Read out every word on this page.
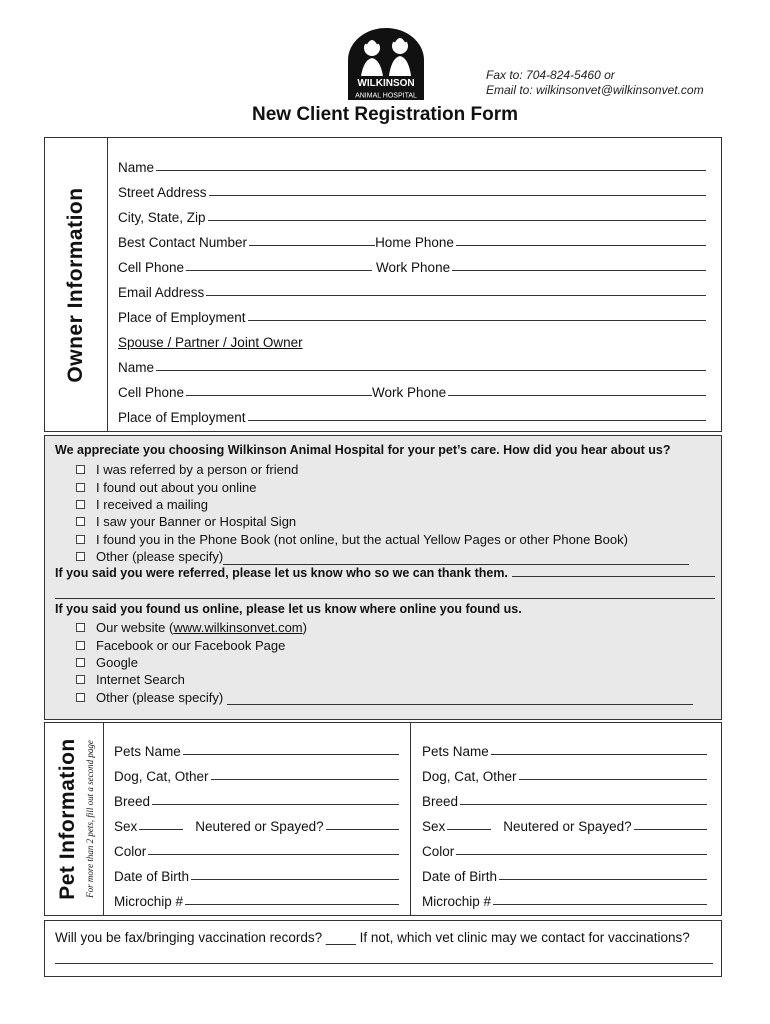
WILKINSON
ANIMAL HOSPITAL
Fax to: 704-824-5460 or
Email to: wilkinsonvet@wilkinsonvet.com
New Client Registration Form
Owner Information
Name
Street Address
City, State, Zip
Best Contact Number	Home Phone
Cell Phone	Work Phone
Email Address
Place of Employment
Spouse / Partner / Joint Owner
Name
Cell Phone	Work Phone
Place of Employment
We appreciate you choosing Wilkinson Animal Hospital for your pet’s care. How did you hear about us?
I was referred by a person or friend
I found out about you online
I received a mailing
I saw your Banner or Hospital Sign
I found you in the Phone Book (not online, but the actual Yellow Pages or other Phone Book)
Other (please specify)
If you said you were referred, please let us know who so we can thank them.
If you said you found us online, please let us know where online you found us.
Our website ( www.wilkinsonvet.com )
Facebook or our Facebook Page
Google
Internet Search
Other (please specify)
Pet Information For more than 2 pets, fill out a second page Pets Name
Dog, Cat, Other
Breed
Sex	Neutered or Spayed?
Color
Date of Birth
Microchip #
Pets Name
Dog, Cat, Other
Breed
Sex	Neutered or Spayed?
Color
Date of Birth
Microchip #
Will you be fax/bringing vaccination records? ____ If not, which vet clinic may we contact for vaccinations?
